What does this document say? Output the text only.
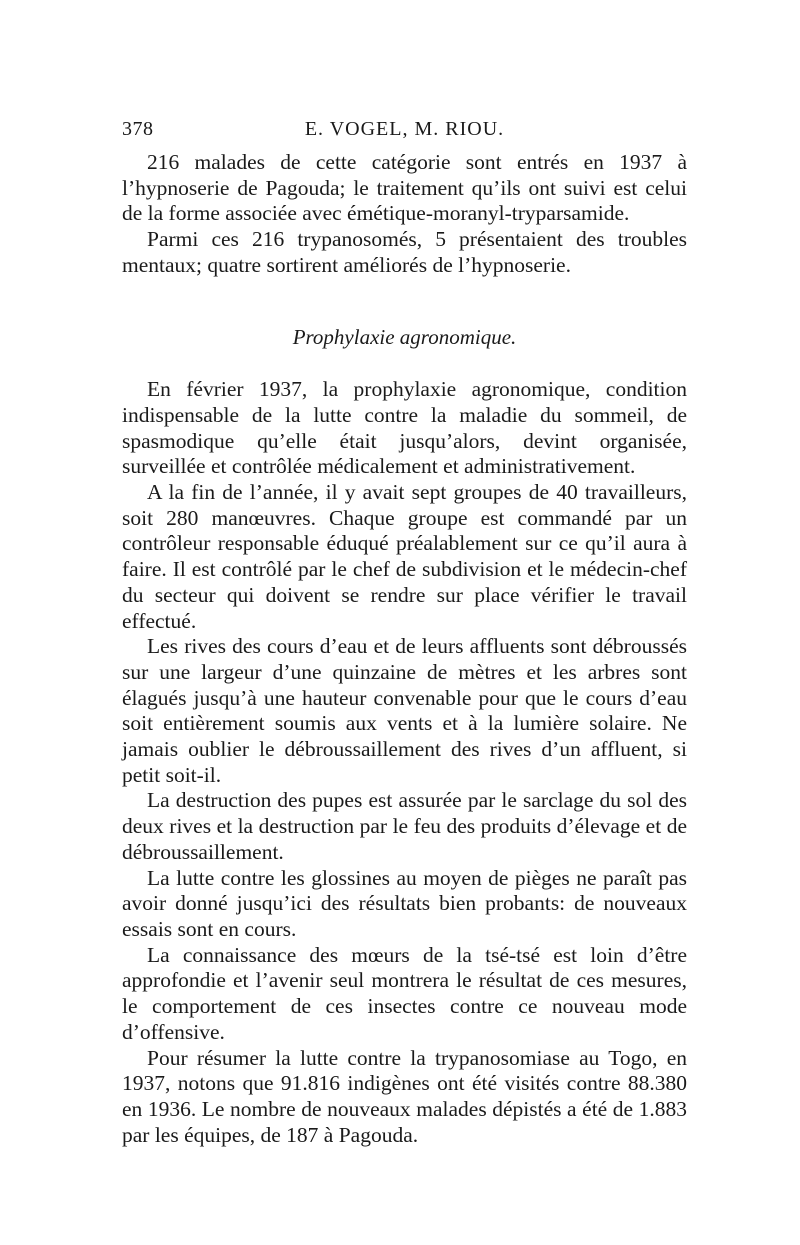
378	E. VOGEL, M. RIOU.

216 malades de cette catégorie sont entrés en 1937 à l’hypnoserie de Pagouda; le traitement qu’ils ont suivi est celui de la forme associée avec émétique-moranyl-tryparsamide.

Parmi ces 216 trypanosomés, 5 présentaient des troubles mentaux; quatre sortirent améliorés de l’hypnoserie.

Prophylaxie agronomique.

En février 1937, la prophylaxie agronomique, condition indispensable de la lutte contre la maladie du sommeil, de spasmodique qu’elle était jusqu’alors, devint organisée, surveillée et contrôlée médicalement et administrativement.

A la fin de l’année, il y avait sept groupes de 40 travailleurs, soit 280 manœuvres. Chaque groupe est commandé par un contrôleur responsable éduqué préalablement sur ce qu’il aura à faire. Il est contrôlé par le chef de subdivision et le médecin-chef du secteur qui doivent se rendre sur place vérifier le travail effectué.

Les rives des cours d’eau et de leurs affluents sont débroussés sur une largeur d’une quinzaine de mètres et les arbres sont élagués jusqu’à une hauteur convenable pour que le cours d’eau soit entièrement soumis aux vents et à la lumière solaire. Ne jamais oublier le débroussaillement des rives d’un affluent, si petit soit-il.

La destruction des pupes est assurée par le sarclage du sol des deux rives et la destruction par le feu des produits d’élevage et de débroussaillement.

La lutte contre les glossines au moyen de pièges ne paraît pas avoir donné jusqu’ici des résultats bien probants: de nouveaux essais sont en cours.

La connaissance des mœurs de la tsé-tsé est loin d’être approfondie et l’avenir seul montrera le résultat de ces mesures, le comportement de ces insectes contre ce nouveau mode d’offensive.

Pour résumer la lutte contre la trypanosomiase au Togo, en 1937, notons que 91.816 indigènes ont été visités contre 88.380 en 1936. Le nombre de nouveaux malades dépistés a été de 1.883 par les équipes, de 187 à Pagouda.
